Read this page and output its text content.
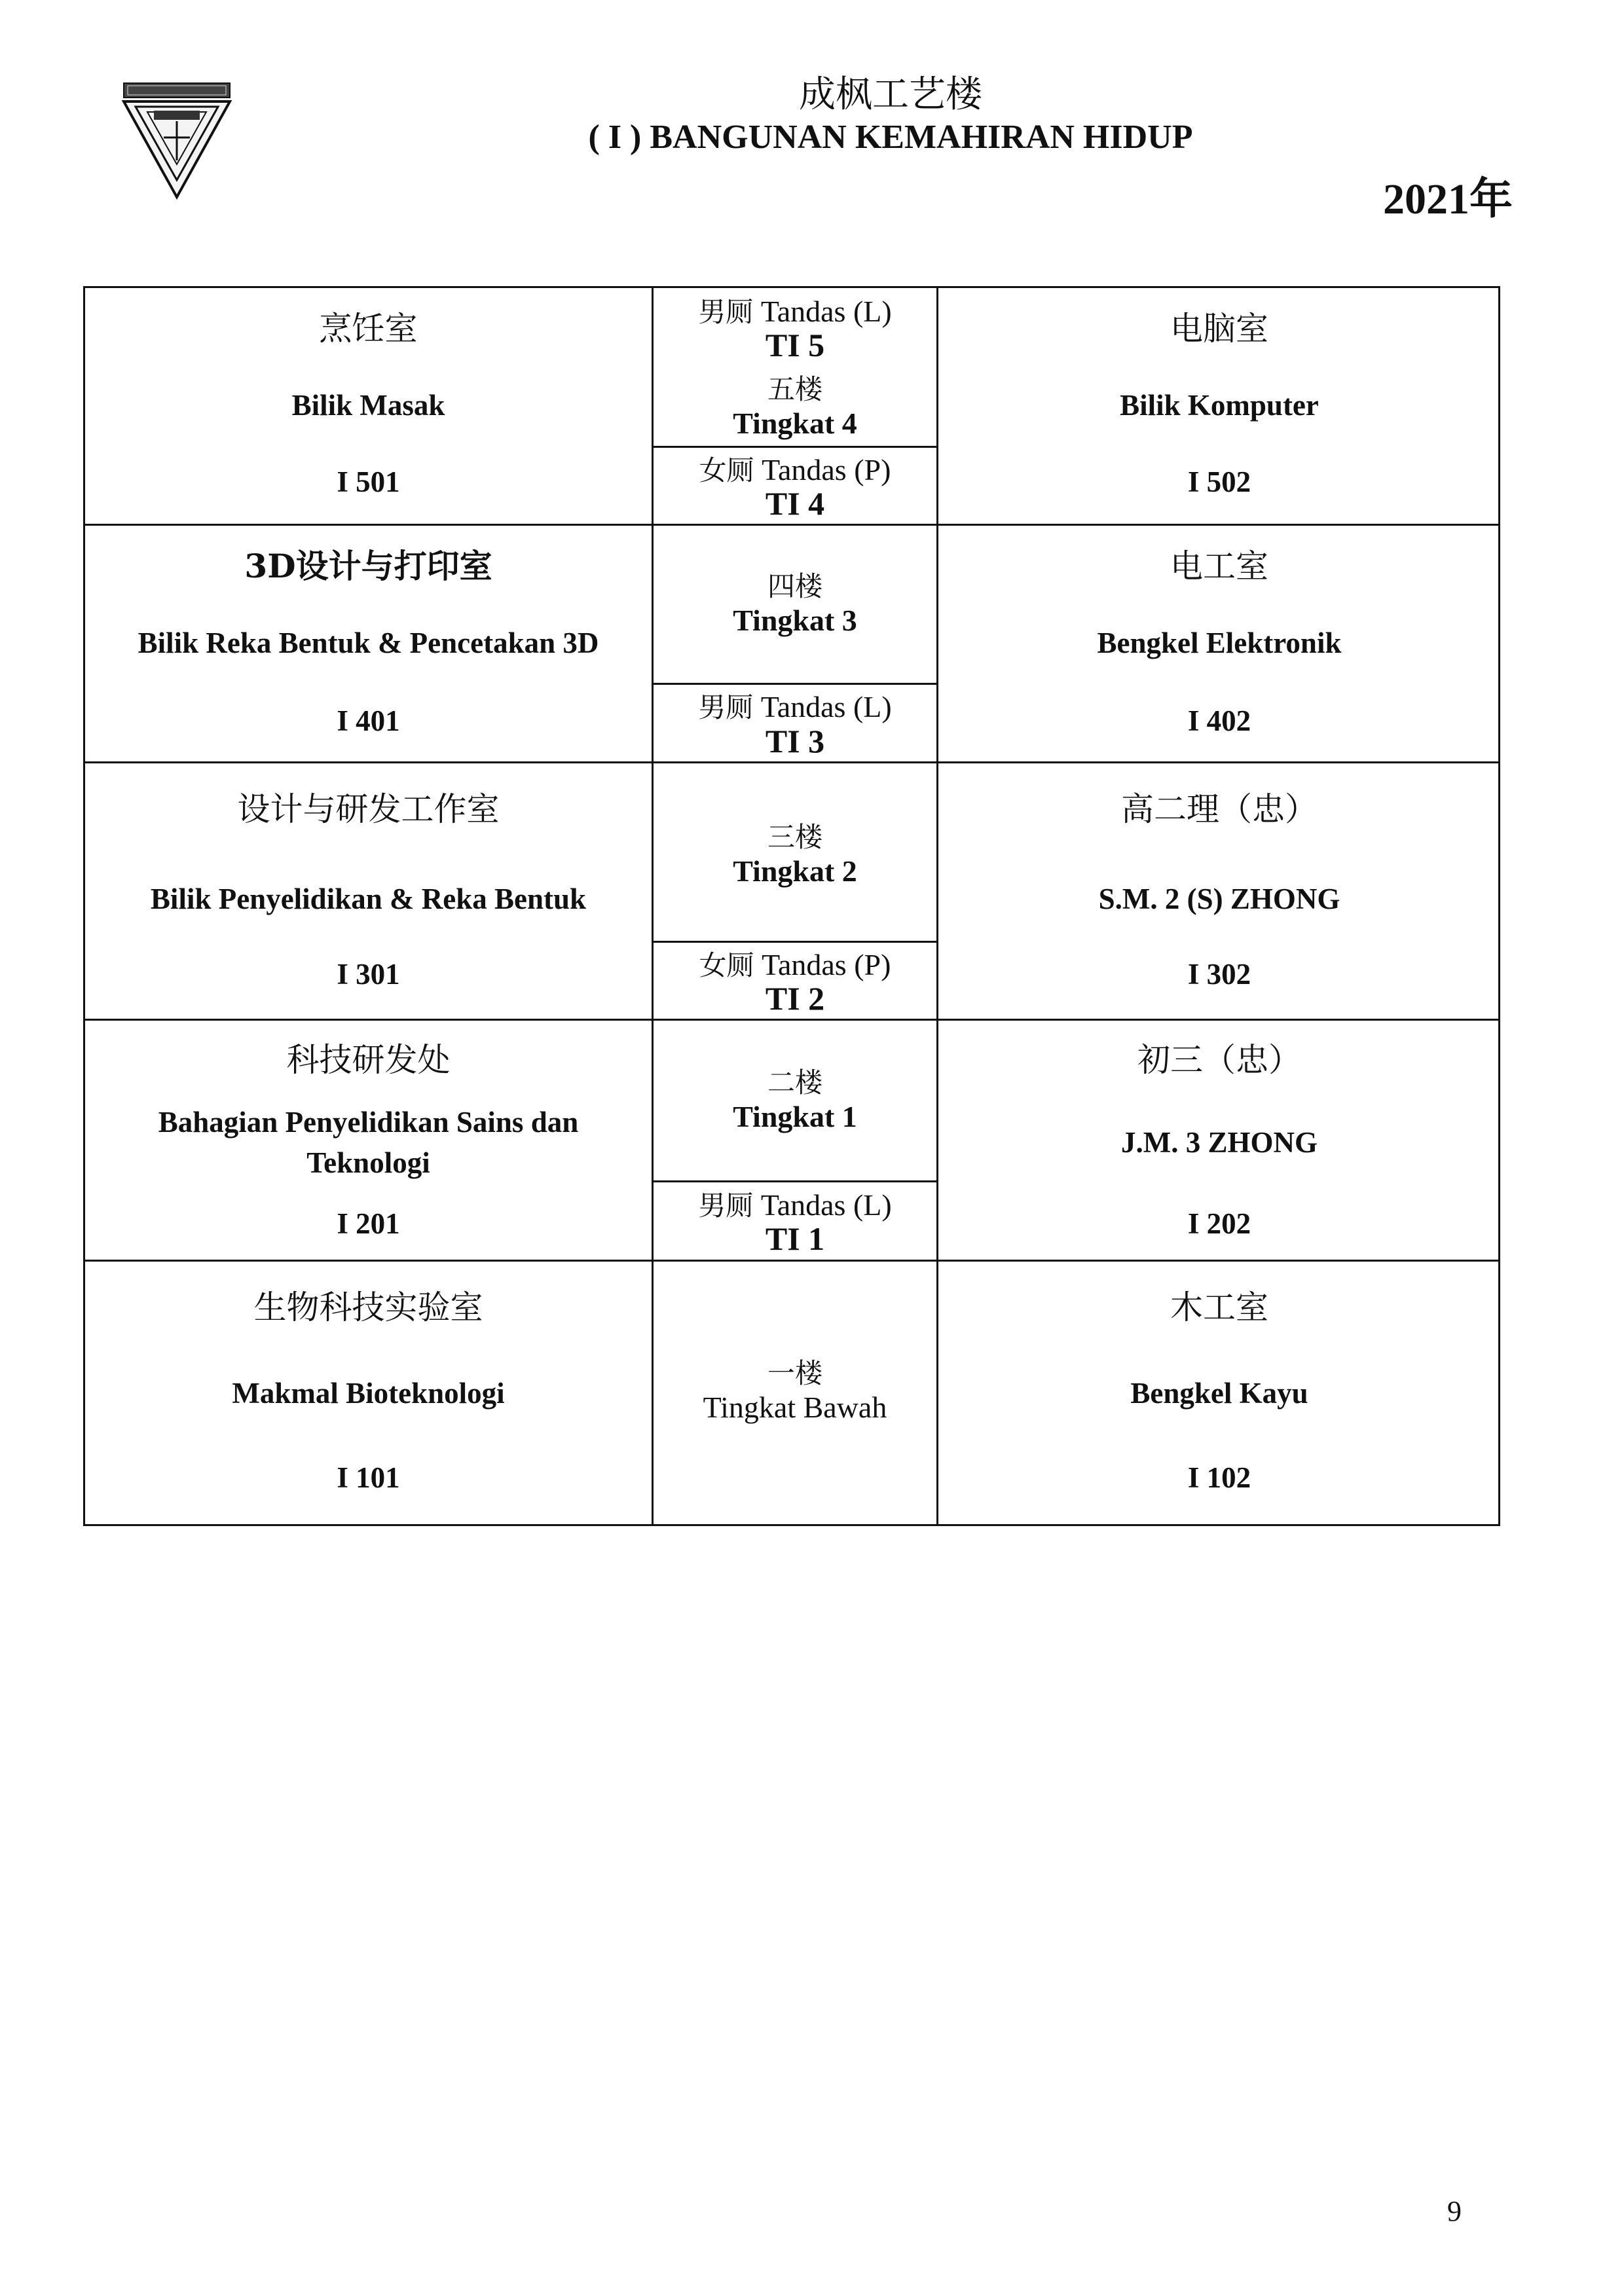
成枫工艺楼
( I ) BANGUNAN KEMAHIRAN HIDUP
2021年
烹饪室
Bilik Masak
I 501
电脑室
Bilik Komputer
I 502
男厕 Tandas (L)
TI 5
五楼
Tingkat 4
女厕 Tandas (P)
TI 4
3D设计与打印室
Bilik Reka Bentuk & Pencetakan 3D
I 401
电工室
Bengkel Elektronik
I 402
四楼
Tingkat 3
男厕 Tandas (L)
TI 3
设计与研发工作室
Bilik Penyelidikan & Reka Bentuk
I 301
高二理（忠）
S.M. 2 (S) ZHONG
I 302
三楼
Tingkat 2
女厕 Tandas (P)
TI 2
科技研发处
Bahagian Penyelidikan Sains dan Teknologi
I 201
初三（忠）
J.M. 3 ZHONG
I 202
二楼
Tingkat 1
男厕 Tandas (L)
TI 1
生物科技实验室
Makmal Bioteknologi
I 101
木工室
Bengkel Kayu
I 102
一楼
Tingkat Bawah
9
